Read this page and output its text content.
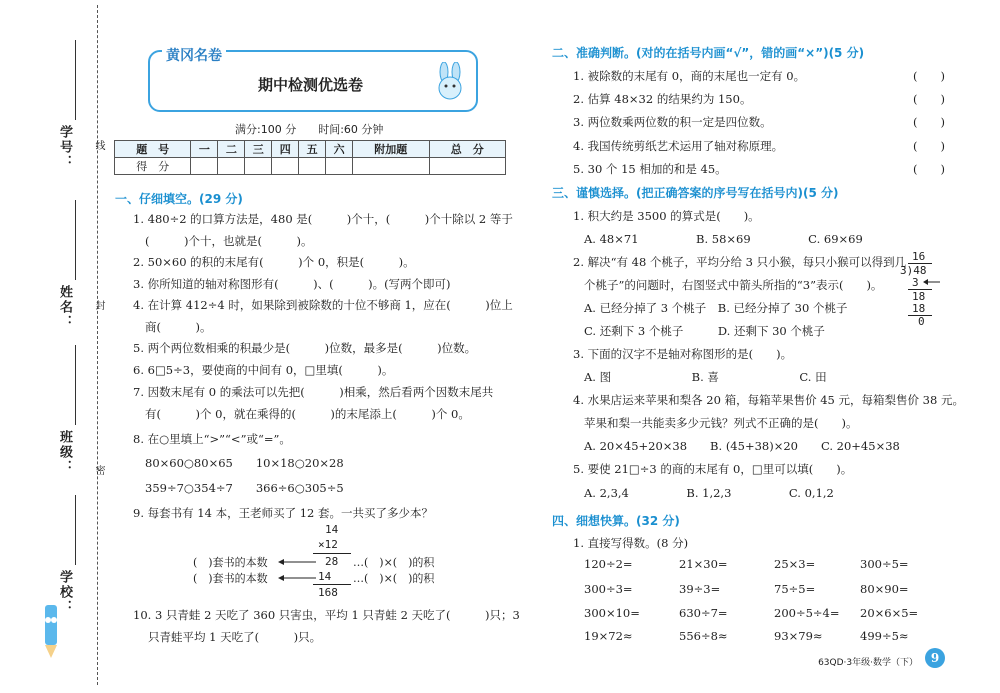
学号：
姓名：
班级：
学校：
线
封
密
黄冈名卷
期中检测优选卷
满分:100 分　　时间:60 分钟
题　号	一	二	三	四	五	六	附加题	总　分
得　分								
一、仔细填空。(29 分)
1. 480÷2 的口算方法是，480 是(　　　)个十，(　　　)个十除以 2 等于
(　　　)个十，也就是(　　　)。
2. 50×60 的积的末尾有(　　　)个 0，积是(　　　)。
3. 你所知道的轴对称图形有(　　　)、(　　　)。(写两个即可)
4. 在计算 412÷4 时，如果除到被除数的十位不够商 1，应在(　　　)位上
商(　　　)。
5. 两个两位数相乘的积最少是(　　　)位数，最多是(　　　)位数。
6. 6□5÷3，要使商的中间有 0，□里填(　　　)。
7. 因数末尾有 0 的乘法可以先把(　　　)相乘，然后看两个因数末尾共
有(　　　)个 0，就在乘得的(　　　)的末尾添上(　　　)个 0。
8. 在○里填上“>”“<”或“=”。
80×60○80×65　　10×18○20×28
359÷7○354÷7　　366÷6○305÷5
9. 每套书有 14 本，王老师买了 12 套。一共买了多少本？
(　)套书的本数
(　)套书的本数
14
×12
28
14
168
…(　)×(　)的积
…(　)×(　)的积
10. 3 只青蛙 2 天吃了 360 只害虫，平均 1 只青蛙 2 天吃了(　　　)只；3
只青蛙平均 1 天吃了(　　　)只。
二、准确判断。(对的在括号内画“√”，错的画“×”)(5 分)
1. 被除数的末尾有 0，商的末尾也一定有 0。	(　　)
2. 估算 48×32 的结果约为 150。	(　　)
3. 两位数乘两位数的积一定是四位数。	(　　)
4. 我国传统剪纸艺术运用了轴对称原理。	(　　)
5. 30 个 15 相加的和是 45。	(　　)
三、谨慎选择。(把正确答案的序号写在括号内)(5 分)
1. 积大约是 3500 的算式是(　　)。
A. 48×71　　　　　B. 58×69　　　　　C. 69×69
2. 解决“有 48 个桃子，平均分给 3 只小猴，每只小猴可以得到几
个桃子”的问题时，右图竖式中箭头所指的“3”表示(　　)。
A. 已经分掉了 3 个桃子　B. 已经分掉了 30 个桃子
C. 还剩下 3 个桃子　　　D. 还剩下 30 个桃子
3. 下面的汉字不是轴对称图形的是(　　)。
A. 图　　　　　　　B. 喜　　　　　　　C. 田
4. 水果店运来苹果和梨各 20 箱，每箱苹果售价 45 元，每箱梨售价 38 元。
苹果和梨一共能卖多少元钱？列式不正确的是(　　)。
A. 20×45+20×38　　B. (45+38)×20　　C. 20+45×38
5. 要使 21□÷3 的商的末尾有 0，□里可以填(　　)。
A. 2,3,4　　　　　B. 1,2,3　　　　　C. 0,1,2
16
3)48
3
18
18
0
四、细想快算。(32 分)
1. 直接写得数。(8 分)
120÷2=	21×30=	25×3=	300÷5=
300÷3=	39÷3=	75÷5=	80×90=
300×10=	630÷7=	200÷5÷4= 20×6×5=
19×72≈	556÷8≈	93×79≈	499÷5≈
63QD·3年级·数学（下）	9
